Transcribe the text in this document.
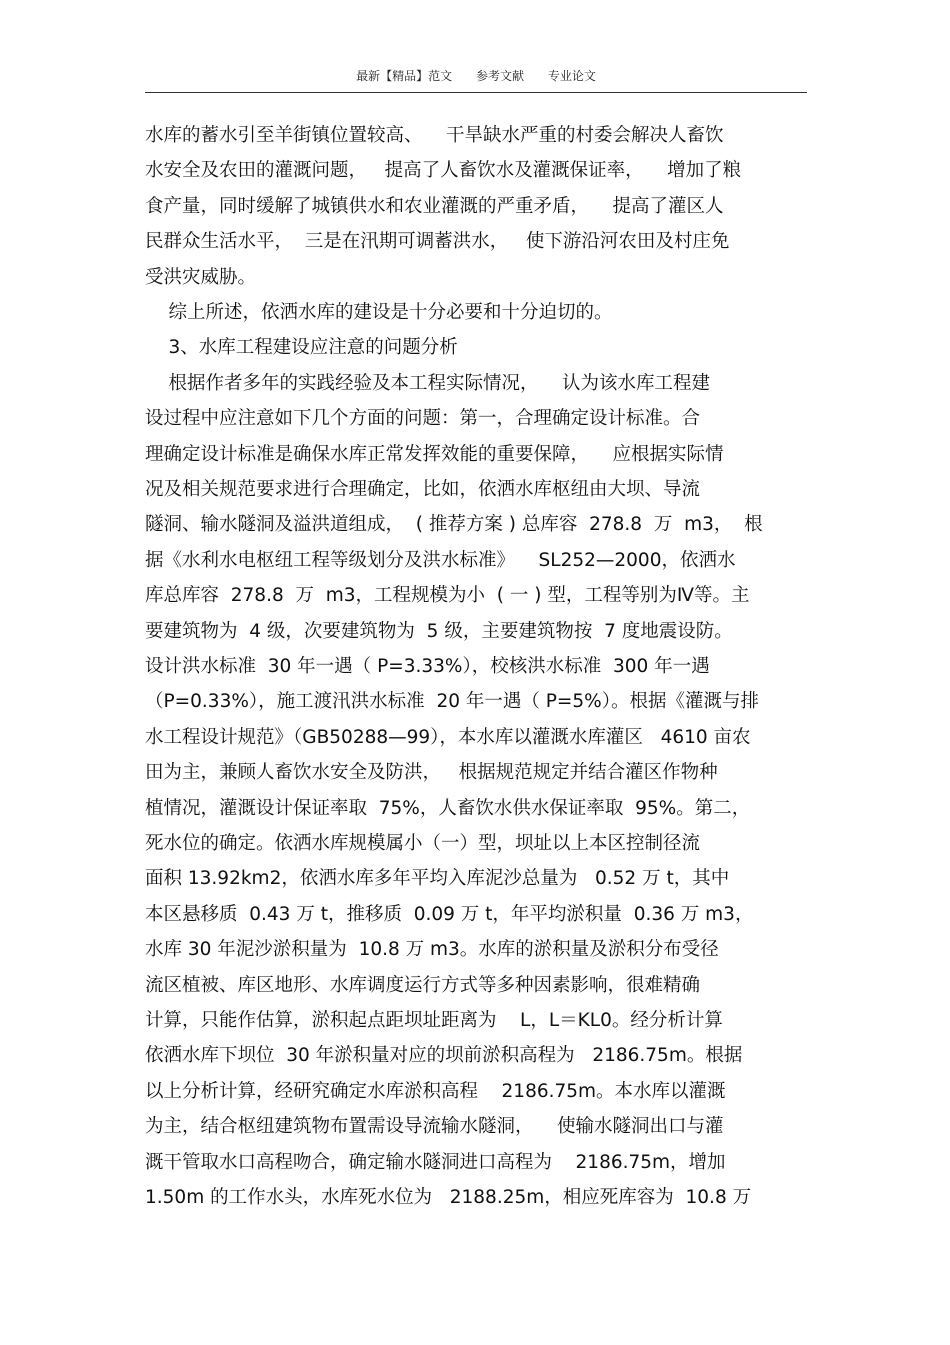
最新【精品】范文 参考文献 专业论文
水库的蓄水引至羊街镇位置较高、    干旱缺水严重的村委会解决人畜饮
水安全及农田的灌溉问题，   提高了人畜饮水及灌溉保证率，    增加了粮
食产量，同时缓解了城镇供水和农业灌溉的严重矛盾，    提高了灌区人
民群众生活水平，  三是在汛期可调蓄洪水，   使下游沿河农田及村庄免
受洪灾威胁。
综上所述，依洒水库的建设是十分必要和十分迫切的。
3、水库工程建设应注意的问题分析
根据作者多年的实践经验及本工程实际情况，    认为该水库工程建
设过程中应注意如下几个方面的问题：第一，合理确定设计标准。合
理确定设计标准是确保水库正常发挥效能的重要保障，    应根据实际情
况及相关规范要求进行合理确定，比如，依洒水库枢纽由大坝、导流
隧洞、输水隧洞及溢洪道组成，  ( 推荐方案 ) 总库容  278.8  万  m3，  根
据《水利水电枢纽工程等级划分及洪水标准》    SL252—2000，依洒水
库总库容  278.8  万  m3，工程规模为小  ( 一 ) 型，工程等别为Ⅳ等。主
要建筑物为  4 级，次要建筑物为  5 级，主要建筑物按  7 度地震设防。
设计洪水标准  30 年一遇（ P=3.33%），校核洪水标准  300 年一遇
（P=0.33%），施工渡汛洪水标准  20 年一遇（ P=5%）。根据《灌溉与排
水工程设计规范》（GB50288—99），本水库以灌溉水库灌区   4610 亩农
田为主，兼顾人畜饮水安全及防洪，   根据规范规定并结合灌区作物种
植情况，灌溉设计保证率取  75%，人畜饮水供水保证率取  95%。第二，
死水位的确定。依洒水库规模属小（一）型，坝址以上本区控制径流
面积 13.92km2，依洒水库多年平均入库泥沙总量为   0.52 万 t，其中
本区悬移质  0.43 万 t，推移质  0.09 万 t，年平均淤积量  0.36 万 m3，
水库 30 年泥沙淤积量为  10.8 万 m3。水库的淤积量及淤积分布受径
流区植被、库区地形、水库调度运行方式等多种因素影响，很难精确
计算，只能作估算，淤积起点距坝址距离为    L，L＝KL0。经分析计算
依洒水库下坝位  30 年淤积量对应的坝前淤积高程为   2186.75m。根据
以上分析计算，经研究确定水库淤积高程    2186.75m。本水库以灌溉
为主，结合枢纽建筑物布置需设导流输水隧洞，    使输水隧洞出口与灌
溉干管取水口高程吻合，确定输水隧洞进口高程为    2186.75m，增加
1.50m 的工作水头，水库死水位为   2188.25m，相应死库容为  10.8 万
